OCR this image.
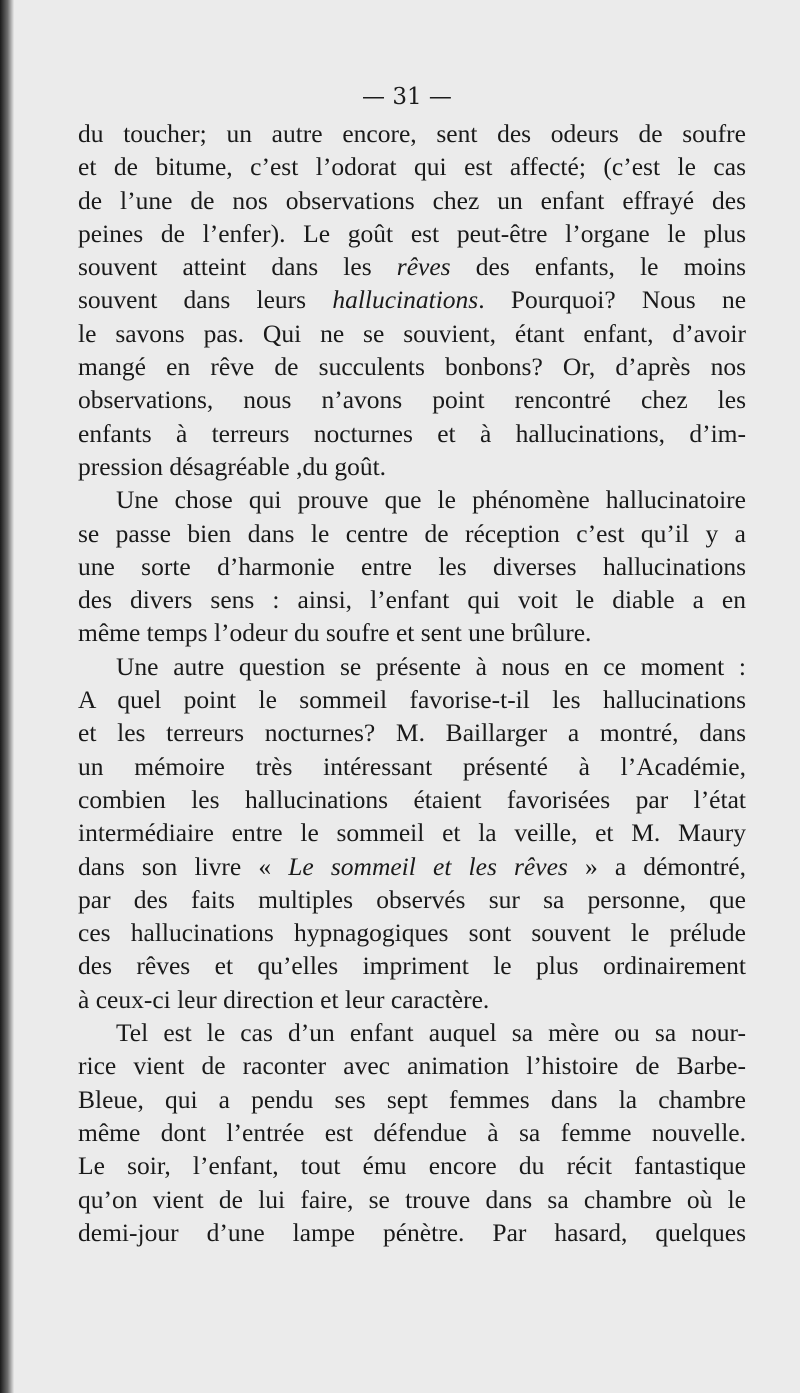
— 31 —
du toucher; un autre encore, sent des odeurs de soufre
et de bitume, c’est l’odorat qui est affecté; (c’est le cas
de l’une de nos observations chez un enfant effrayé des
peines de l’enfer). Le goût est peut-être l’organe le plus
souvent atteint dans les rêves des enfants, le moins
souvent dans leurs hallucinations. Pourquoi? Nous ne
le savons pas. Qui ne se souvient, étant enfant, d’avoir
mangé en rêve de succulents bonbons? Or, d’après nos
observations, nous n’avons point rencontré chez les
enfants à terreurs nocturnes et à hallucinations, d’im-
pression désagréable ,du goût.
Une chose qui prouve que le phénomène hallucinatoire
se passe bien dans le centre de réception c’est qu’il y a
une sorte d’harmonie entre les diverses hallucinations
des divers sens : ainsi, l’enfant qui voit le diable a en
même temps l’odeur du soufre et sent une brûlure.
Une autre question se présente à nous en ce moment :
A quel point le sommeil favorise-t-il les hallucinations
et les terreurs nocturnes? M. Baillarger a montré, dans
un mémoire très intéressant présenté à l’Académie,
combien les hallucinations étaient favorisées par l’état
intermédiaire entre le sommeil et la veille, et M. Maury
dans son livre « Le sommeil et les rêves » a démontré,
par des faits multiples observés sur sa personne, que
ces hallucinations hypnagogiques sont souvent le prélude
des rêves et qu’elles impriment le plus ordinairement
à ceux-ci leur direction et leur caractère.
Tel est le cas d’un enfant auquel sa mère ou sa nour-
rice vient de raconter avec animation l’histoire de Barbe-
Bleue, qui a pendu ses sept femmes dans la chambre
même dont l’entrée est défendue à sa femme nouvelle.
Le soir, l’enfant, tout ému encore du récit fantastique
qu’on vient de lui faire, se trouve dans sa chambre où le
demi-jour d’une lampe pénètre. Par hasard, quelques
